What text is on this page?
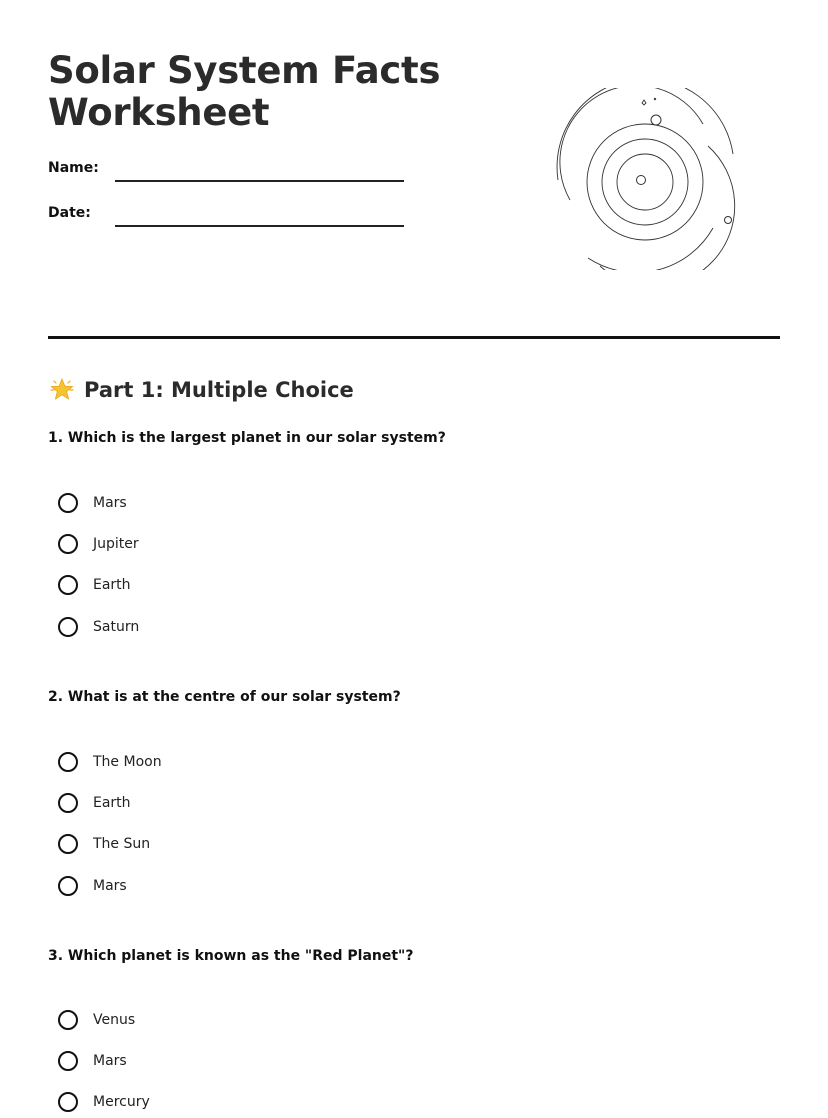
Solar System Facts
Worksheet
Name:
Date:
Part 1: Multiple Choice

1. Which is the largest planet in our solar system?

Mars
Jupiter
Earth
Saturn

2. What is at the centre of our solar system?

The Moon
Earth
The Sun
Mars

3. Which planet is known as the "Red Planet"?

Venus
Mars
Mercury
